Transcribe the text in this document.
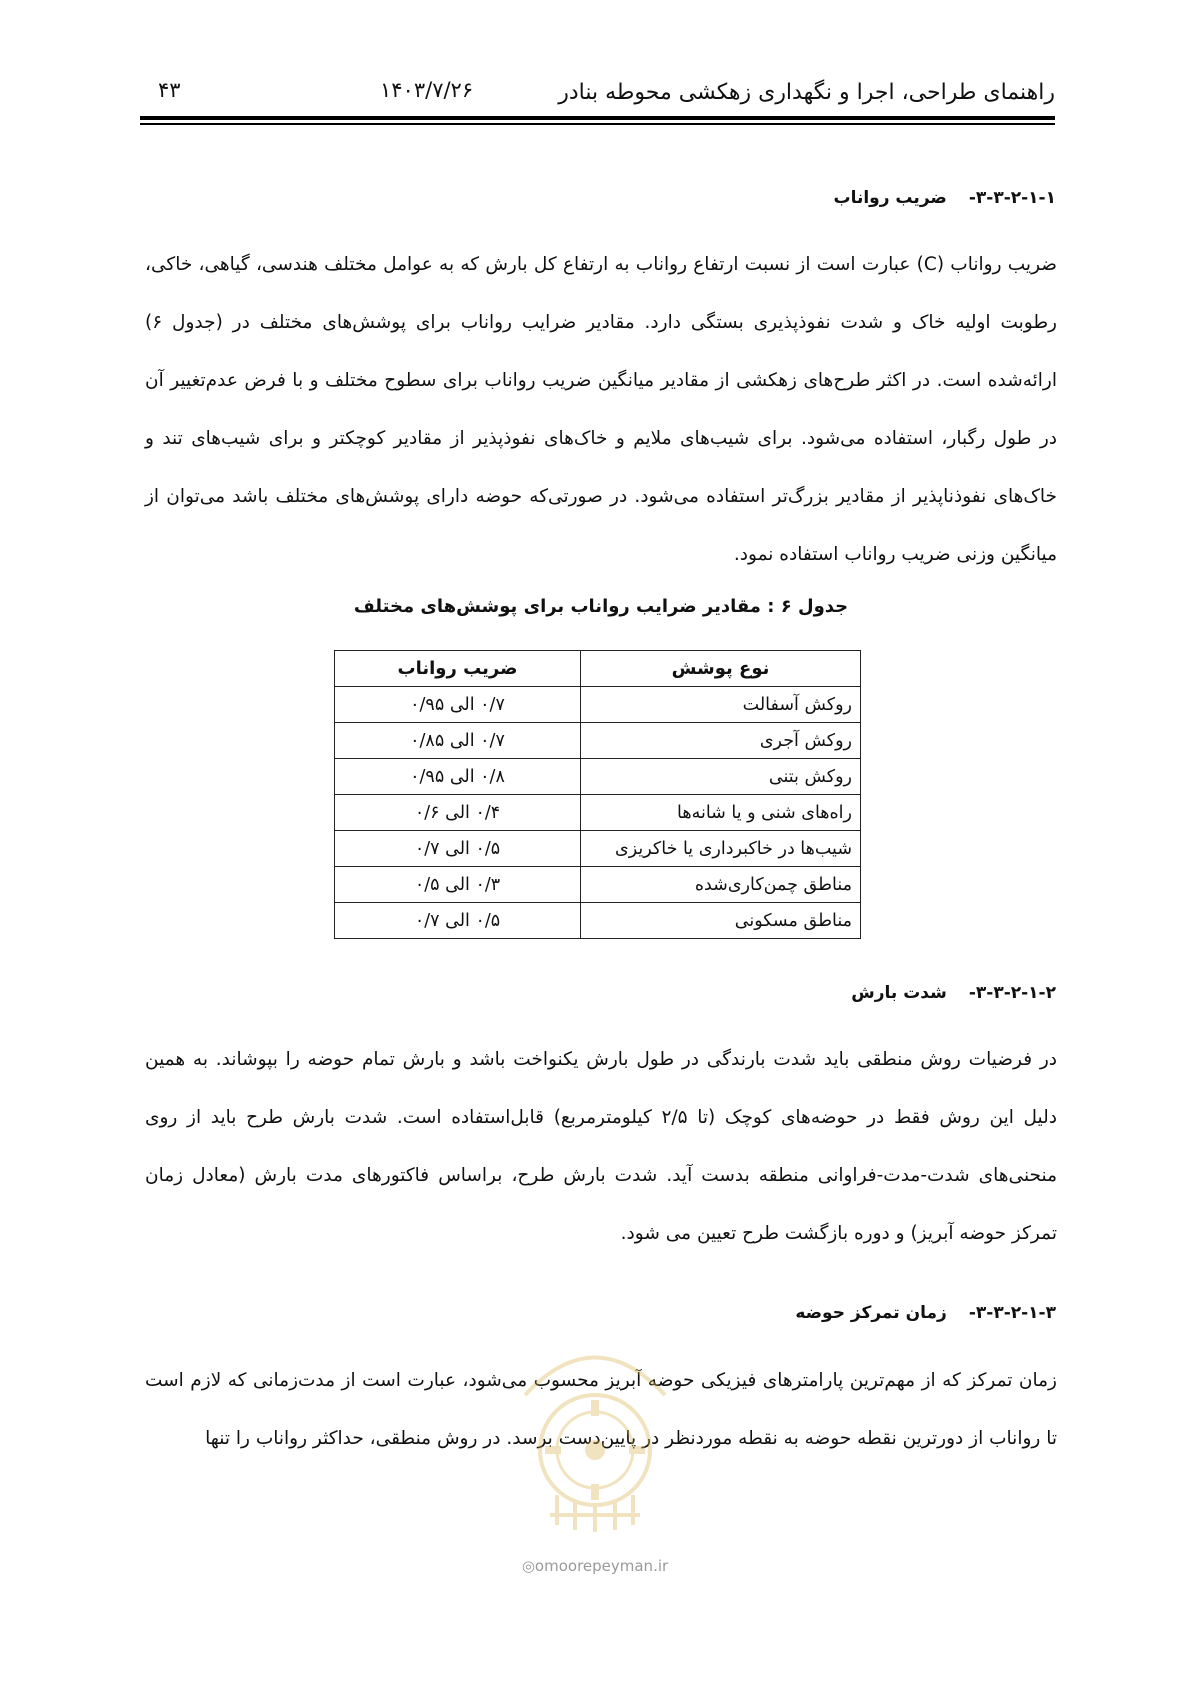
راهنمای طراحی، اجرا و نگهداری زهکشی محوطه بنادر
۱۴۰۳/۷/۲۶
۴۳
۳-۳-۲-۱-۱-ضریب رواناب

ضریب رواناب (C) عبارت است از نسبت ارتفاع رواناب به ارتفاع کل بارش که به عوامل مختلف هندسی، گیاهی، خاکی، رطوبت اولیه خاک و شدت نفوذپذیری بستگی دارد. مقادیر ضرایب رواناب برای پوشش‌های مختلف در (جدول ۶) ارائه‌شده است. در اکثر طرح‌های زهکشی از مقادیر میانگین ضریب رواناب برای سطوح مختلف و با فرض عدم‌تغییر آن در طول رگبار، استفاده می‌شود. برای شیب‌های ملایم و خاک‌های نفوذپذیر از مقادیر کوچکتر و برای شیب‌های تند و خاک‌های نفوذناپذیر از مقادیر بزرگ‌تر استفاده می‌شود. در صورتی‌که حوضه دارای پوشش‌های مختلف باشد می‌توان از میانگین وزنی ضریب رواناب استفاده نمود.

جدول ۶ : مقادیر ضرایب رواناب برای پوشش‌های مختلف
نوع پوشش	ضریب رواناب
روکش آسفالت	۰/۷ الی ۰/۹۵
روکش آجری	۰/۷ الی ۰/۸۵
روکش بتنی	۰/۸ الی ۰/۹۵
راه‌های شنی و یا شانه‌ها	۰/۴ الی ۰/۶
شیب‌ها در خاکبرداری یا خاکریزی	۰/۵ الی ۰/۷
مناطق چمن‌کاری‌شده	۰/۳ الی ۰/۵
مناطق مسکونی	۰/۵ الی ۰/۷
۳-۳-۲-۱-۲-شدت بارش

در فرضیات روش منطقی باید شدت بارندگی در طول بارش یکنواخت باشد و بارش تمام حوضه را بپوشاند. به همین دلیل این روش فقط در حوضه‌های کوچک (تا ۲/۵ کیلومترمربع) قابل‌استفاده است. شدت بارش طرح باید از روی منحنی‌های شدت-مدت-فراوانی منطقه بدست آید. شدت بارش طرح، براساس فاکتورهای مدت بارش (معادل زمان تمرکز حوضه آبریز) و دوره بازگشت طرح تعیین می شود.

۳-۳-۲-۱-۳-زمان تمرکز حوضه

زمان تمرکز که از مهم‌ترین پارامترهای فیزیکی حوضه آبریز محسوب می‌شود، عبارت است از مدت‌زمانی که لازم است تا رواناب از دورترین نقطه حوضه به نقطه موردنظر در پایین‌دست برسد. در روش منطقی، حداکثر رواناب را تنها

◎omoorepeyman.ir
